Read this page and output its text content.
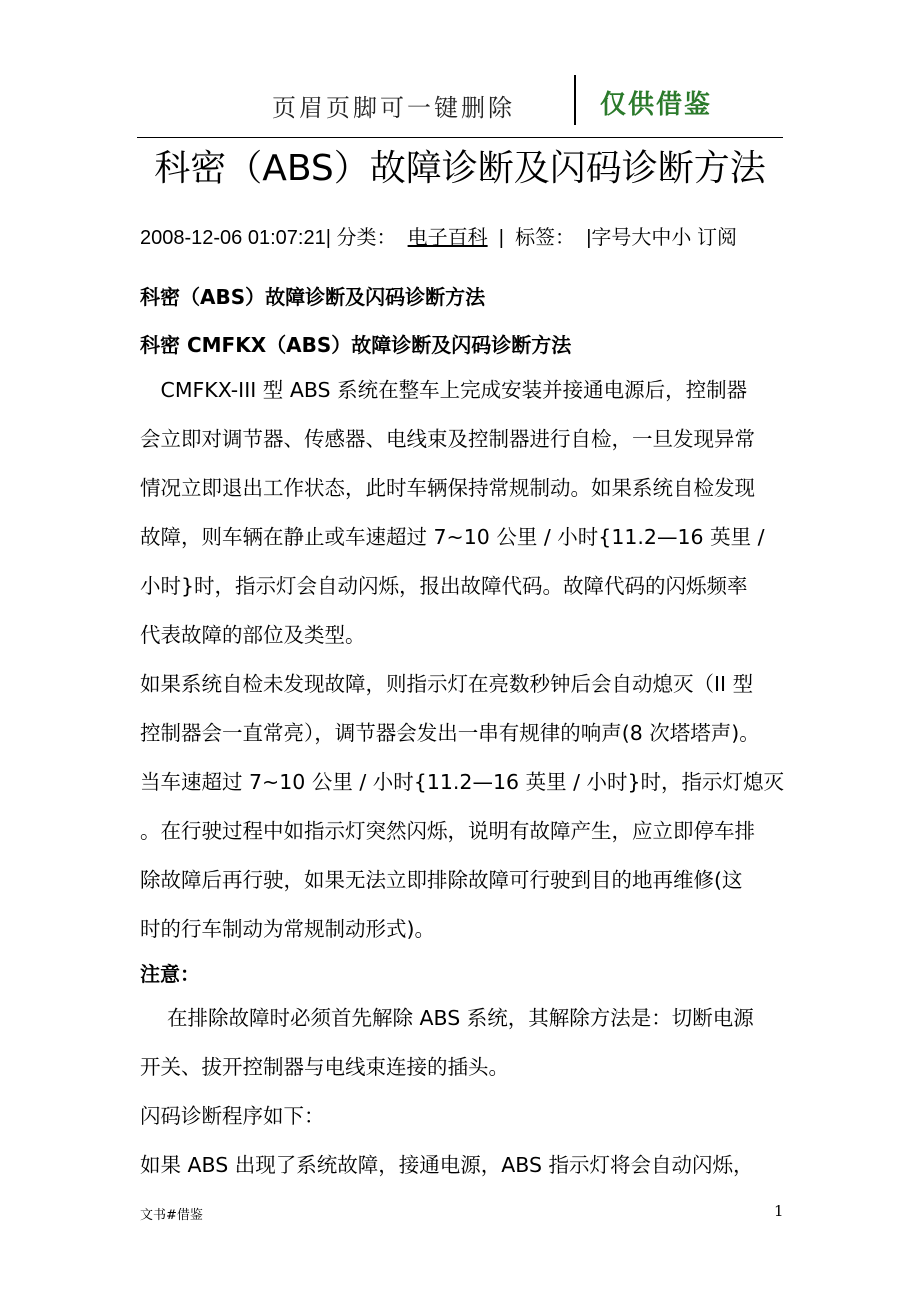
页眉页脚可一键删除	仅供借鉴
科密（ABS）故障诊断及闪码诊断方法
2008-12-06 01:07:21| 分类： 电子百科 | 标签： |字号大中小 订阅
科密（ABS）故障诊断及闪码诊断方法
科密 CMFKX（ABS）故障诊断及闪码诊断方法
　CMFKX-III 型 ABS 系统在整车上完成安装并接通电源后，控制器
会立即对调节器、传感器、电线束及控制器进行自检，一旦发现异常
情况立即退出工作状态，此时车辆保持常规制动。如果系统自检发现
故障，则车辆在静止或车速超过 7~10 公里 / 小时{11.2—16 英里 /
小时}时，指示灯会自动闪烁，报出故障代码。故障代码的闪烁频率
代表故障的部位及类型。
如果系统自检未发现故障，则指示灯在亮数秒钟后会自动熄灭（II 型
控制器会一直常亮），调节器会发出一串有规律的响声(8 次塔塔声)。
当车速超过 7~10 公里 / 小时{11.2—16 英里 / 小时}时，指示灯熄灭
。在行驶过程中如指示灯突然闪烁，说明有故障产生，应立即停车排
除故障后再行驶，如果无法立即排除故障可行驶到目的地再维修(这
时的行车制动为常规制动形式)。
注意：
　 在排除故障时必须首先解除 ABS 系统，其解除方法是：切断电源
开关、拔开控制器与电线束连接的插头。
闪码诊断程序如下：
如果 ABS 出现了系统故障，接通电源，ABS 指示灯将会自动闪烁，
文书#借鉴	1
